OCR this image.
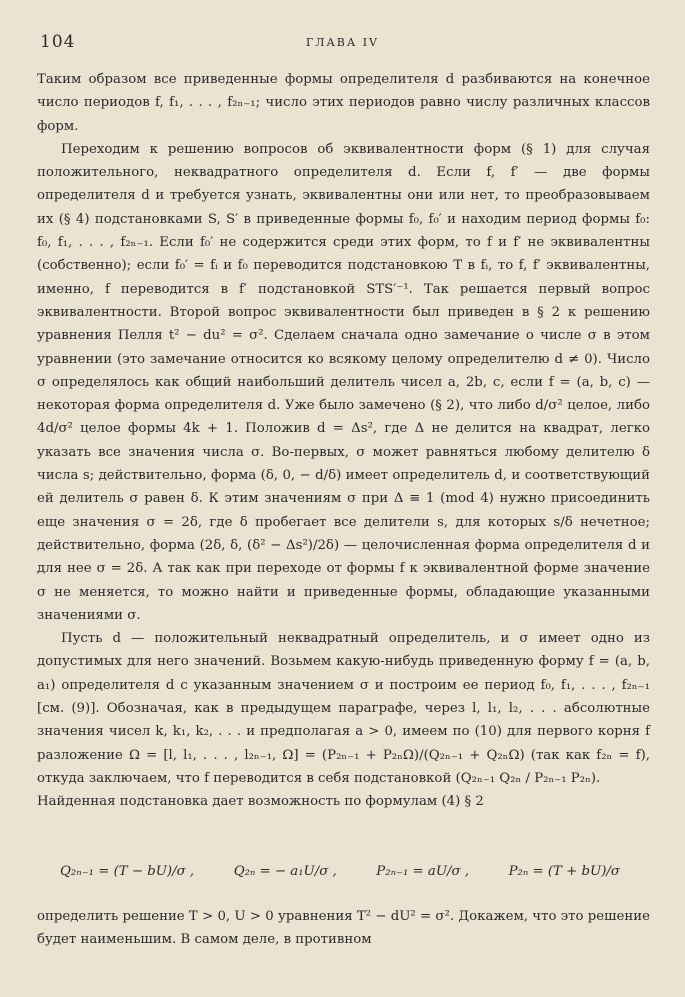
104	ГЛАВА IV

Таким образом все приведенные формы определителя d разбиваются на конечное число периодов f, f₁, . . . , f₂ₙ₋₁; число этих периодов равно числу различных классов форм.

Переходим к решению вопросов об эквивалентности форм (§ 1) для случая положительного, неквадратного определителя d. Если f, f′ — две формы определителя d и требуется узнать, эквивалентны они или нет, то преобразовываем их (§ 4) подстановками S, S′ в приведенные формы f₀, f₀′ и находим период формы f₀: f₀, f₁, . . . , f₂ₙ₋₁. Если f₀′ не содержится среди этих форм, то f и f′ не эквивалентны (собственно); если f₀′ = fᵢ и f₀ переводится подстановкою T в fᵢ, то f, f′ эквивалентны, именно, f переводится в f′ подстановкой STS′⁻¹. Так решается первый вопрос эквивалентности. Второй вопрос эквивалентности был приведен в § 2 к решению уравнения Пелля t² − du² = σ². Сделаем сначала одно замечание о числе σ в этом уравнении (это замечание относится ко всякому целому определителю d ≠ 0). Число σ определялось как общий наибольший делитель чисел a, 2b, c, если f = (a, b, c) — некоторая форма определителя d. Уже было замечено (§ 2), что либо d/σ² целое, либо 4d/σ² целое формы 4k + 1. Положив d = Δs², где Δ не делится на квадрат, легко указать все значения числа σ. Во-первых, σ может равняться любому делителю δ числа s; действительно, форма (δ, 0, − d/δ) имеет определитель d, и соответствующий ей делитель σ равен δ. К этим значениям σ при Δ ≡ 1 (mod 4) нужно присоединить еще значения σ = 2δ, где δ пробегает все делители s, для которых s/δ нечетное; действительно, форма (2δ, δ, (δ² − Δs²)/2δ) — целочисленная форма определителя d и для нее σ = 2δ. А так как при переходе от формы f к эквивалентной форме значение σ не меняется, то можно найти и приведенные формы, обладающие указанными значениями σ.

Пусть d — положительный неквадратный определитель, и σ имеет одно из допустимых для него значений. Возьмем какую-нибудь приведенную форму f = (a, b, a₁) определителя d с указанным значением σ и построим ее период f₀, f₁, . . . , f₂ₙ₋₁ [см. (9)]. Обозначая, как в предыдущем параграфе, через l, l₁, l₂, . . . абсолютные значения чисел k, k₁, k₂, . . . и предполагая a > 0, имеем по (10) для первого корня f разложение Ω = [l, l₁, . . . , l₂ₙ₋₁, Ω] = (P₂ₙ₋₁ + P₂ₙΩ)/(Q₂ₙ₋₁ + Q₂ₙΩ) (так как f₂ₙ = f), откуда заключаем, что f переводится в себя подстановкой (Q₂ₙ₋₁ Q₂ₙ / P₂ₙ₋₁ P₂ₙ).

Найденная подстановка дает возможность по формулам (4) § 2

Q₂ₙ₋₁ = (T − bU)/σ ,	Q₂ₙ = − a₁U/σ ,	P₂ₙ₋₁ = aU/σ ,	P₂ₙ = (T + bU)/σ

определить решение T > 0, U > 0 уравнения T² − dU² = σ². Докажем, что это решение будет наименьшим. В самом деле, в противном
